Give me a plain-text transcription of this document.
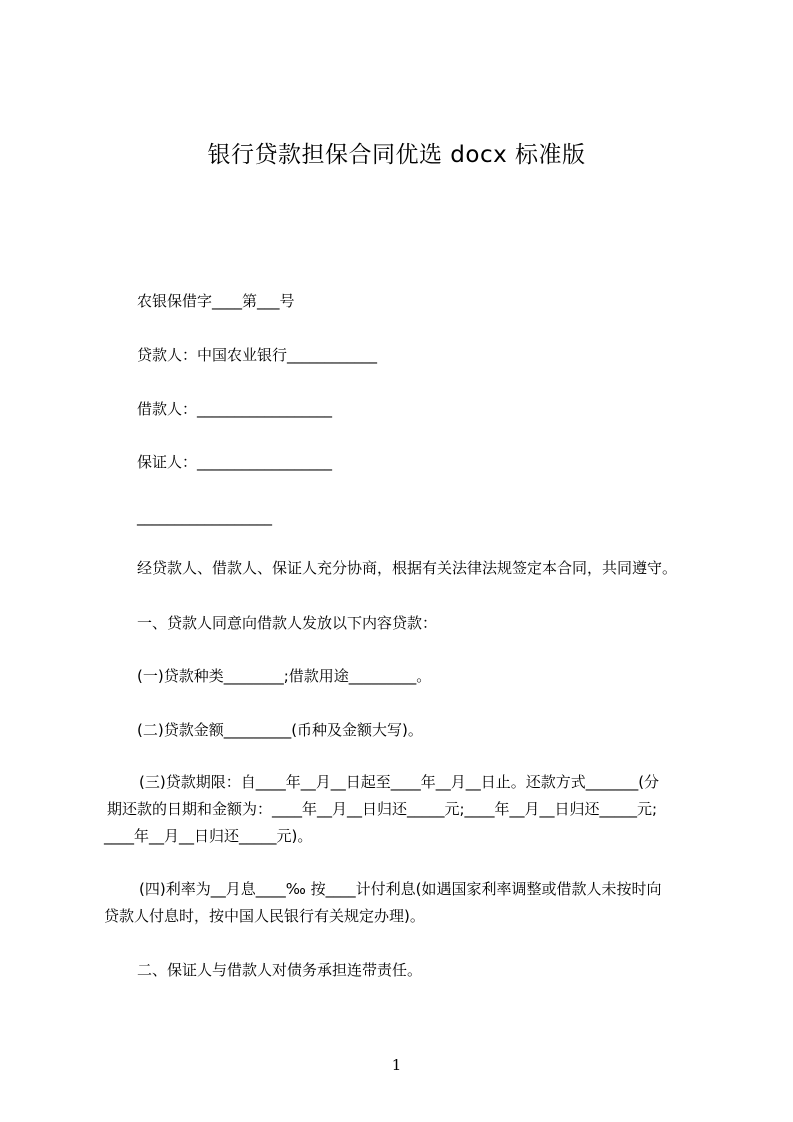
银行贷款担保合同优选 docx 标准版
农银保借字____第___号
贷款人：中国农业银行____________
借款人：__________________
保证人：__________________
__________________
经贷款人、借款人、保证人充分协商，根据有关法律法规签定本合同，共同遵守。
一、贷款人同意向借款人发放以下内容贷款：
(一)贷款种类________;借款用途_________。
(二)贷款金额_________(币种及金额大写)。
(三)贷款期限：自____年__月__日起至____年__月__日止。还款方式_______(分
期还款的日期和金额为：____年__月__日归还_____元;____年__月__日归还_____元;
____年__月__日归还_____元)。
(四)利率为__月息____‰ 按____计付利息(如遇国家利率调整或借款人未按时向
贷款人付息时，按中国人民银行有关规定办理)。
二、保证人与借款人对债务承担连带责任。
1
